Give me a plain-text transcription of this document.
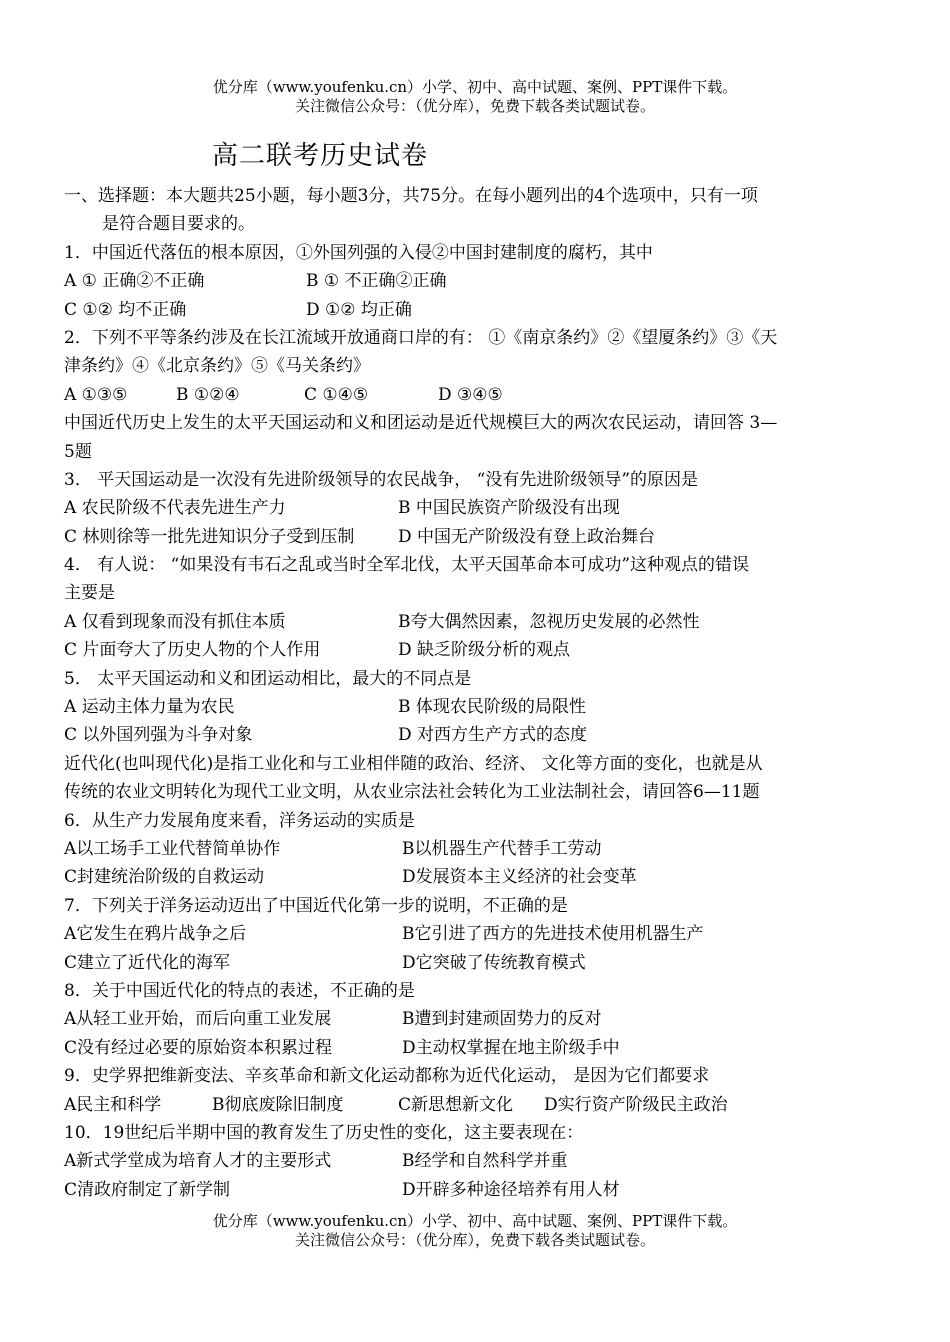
优分库（www.youfenku.cn）小学、初中、高中试题、案例、PPT课件下载。
关注微信公众号：（优分库），免费下载各类试题试卷。
高二联考历史试卷
一、选择题：本大题共25小题，每小题3分，共75分。在每小题列出的4个选项中，只有一项
是符合题目要求的。
1．中国近代落伍的根本原因，①外国列强的入侵②中国封建制度的腐朽，其中
A ① 正确②不正确	B ① 不正确②正确
C ①② 均不正确	D ①② 均正确
2．下列不平等条约涉及在长江流域开放通商口岸的有： ①《南京条约》②《望厦条约》③《天
津条约》④《北京条约》⑤《马关条约》
A ①③⑤	B ①②④	C ①④⑤	D ③④⑤
中国近代历史上发生的太平天国运动和义和团运动是近代规模巨大的两次农民运动，请回答 3—
5题
3． 平天国运动是一次没有先进阶级领导的农民战争， “没有先进阶级领导”的原因是
A 农民阶级不代表先进生产力	B 中国民族资产阶级没有出现
C 林则徐等一批先进知识分子受到压制	D 中国无产阶级没有登上政治舞台
4． 有人说： “如果没有韦石之乱或当时全军北伐，太平天国革命本可成功”这种观点的错误
主要是
A 仅看到现象而没有抓住本质	B夸大偶然因素，忽视历史发展的必然性
C 片面夸大了历史人物的个人作用	D 缺乏阶级分析的观点
5． 太平天国运动和义和团运动相比，最大的不同点是
A 运动主体力量为农民	B 体现农民阶级的局限性
C 以外国列强为斗争对象	D 对西方生产方式的态度
近代化(也叫现代化)是指工业化和与工业相伴随的政治、经济、 文化等方面的变化，也就是从
传统的农业文明转化为现代工业文明，从农业宗法社会转化为工业法制社会，请回答6—11题
6．从生产力发展角度来看，洋务运动的实质是
A以工场手工业代替简单协作	B以机器生产代替手工劳动
C封建统治阶级的自救运动	D发展资本主义经济的社会变革
7．下列关于洋务运动迈出了中国近代化第一步的说明，不正确的是
A它发生在鸦片战争之后	B它引进了西方的先进技术使用机器生产
C建立了近代化的海军	D它突破了传统教育模式
8．关于中国近代化的特点的表述，不正确的是
A从轻工业开始，而后向重工业发展	B遭到封建顽固势力的反对
C没有经过必要的原始资本积累过程	D主动权掌握在地主阶级手中
9．史学界把维新变法、辛亥革命和新文化运动都称为近代化运动， 是因为它们都要求
A民主和科学	B彻底废除旧制度	C新思想新文化	D实行资产阶级民主政治
10．19世纪后半期中国的教育发生了历史性的变化，这主要表现在：
A新式学堂成为培育人才的主要形式	B经学和自然科学并重
C清政府制定了新学制	D开辟多种途径培养有用人材
优分库（www.youfenku.cn）小学、初中、高中试题、案例、PPT课件下载。
关注微信公众号：（优分库），免费下载各类试题试卷。
